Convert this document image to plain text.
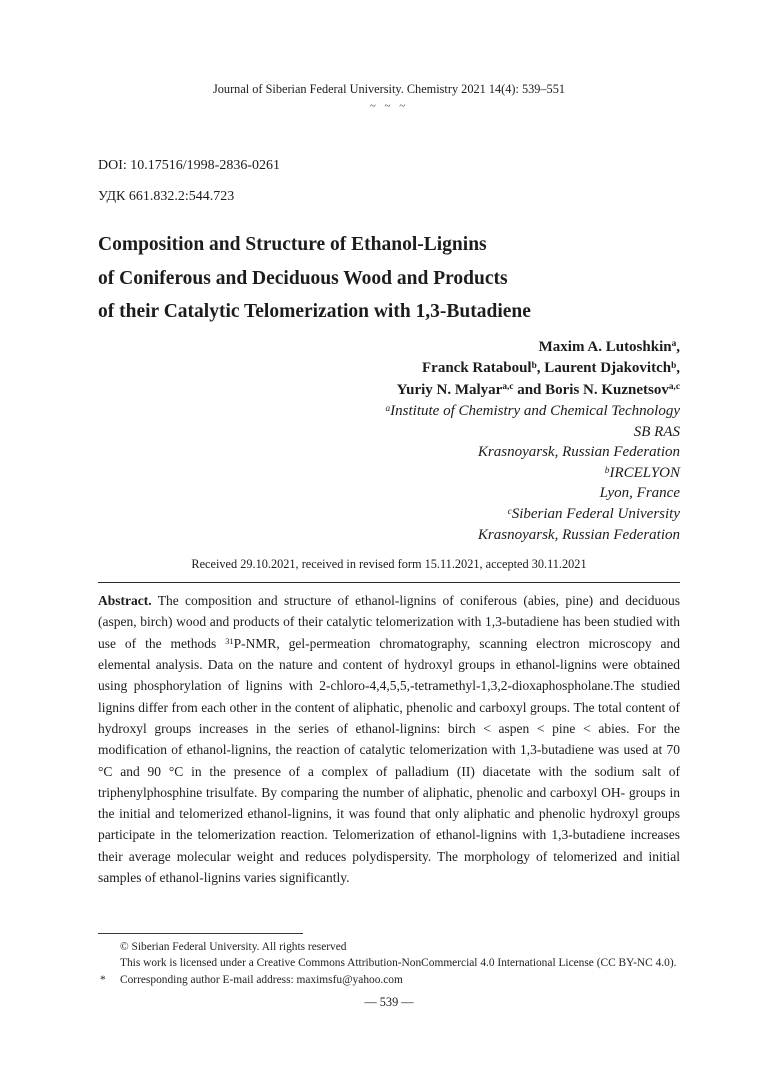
Journal of Siberian Federal University. Chemistry 2021 14(4): 539–551
~ ~ ~
DOI: 10.17516/1998-2836-0261
УДК 661.832.2:544.723
Composition and Structure of Ethanol-Lignins
of Coniferous and Deciduous Wood and Products
of their Catalytic Telomerization with 1,3-Butadiene
Maxim A. Lutoshkin$^a$,
Franck Rataboul$^b$, Laurent Djakovitch$^b$,
Yuriy N. Malyar$^{a,c}$ and Boris N. Kuznetsov$^{a,c}$
$^a$Institute of Chemistry and Chemical Technology
SB RAS
Krasnoyarsk, Russian Federation
$^b$IRCELYON
Lyon, France
$^c$Siberian Federal University
Krasnoyarsk, Russian Federation
Received 29.10.2021, received in revised form 15.11.2021, accepted 30.11.2021

Abstract. The composition and structure of ethanol-lignins of coniferous (abies, pine) and deciduous (aspen, birch) wood and products of their catalytic telomerization with 1,3-butadiene has been studied with use of the methods $^{31}$P-NMR, gel-permeation chromatography, scanning electron microscopy and elemental analysis. Data on the nature and content of hydroxyl groups in ethanol-lignins were obtained using phosphorylation of lignins with 2-chloro-4,4,5,5,-tetramethyl-1,3,2-dioxaphospholane.The studied lignins differ from each other in the content of aliphatic, phenolic and carboxyl groups. The total content of hydroxyl groups increases in the series of ethanol-lignins: birch < aspen < pine < abies. For the modification of ethanol-lignins, the reaction of catalytic telomerization with 1,3-butadiene was used at 70 °C and 90 °C in the presence of a complex of palladium (II) diacetate with the sodium salt of triphenylphosphine trisulfate. By comparing the number of aliphatic, phenolic and carboxyl OH- groups in the initial and telomerized ethanol-lignins, it was found that only aliphatic and phenolic hydroxyl groups participate in the telomerization reaction. Telomerization of ethanol-lignins with 1,3-butadiene increases their average molecular weight and reduces polydispersity. The morphology of telomerized and initial samples of ethanol-lignins varies significantly.

© Siberian Federal University. All rights reserved
This work is licensed under a Creative Commons Attribution-NonCommercial 4.0 International License (CC BY-NC 4.0).
* Corresponding author E-mail address: maximsfu@yahoo.com
— 539 —
